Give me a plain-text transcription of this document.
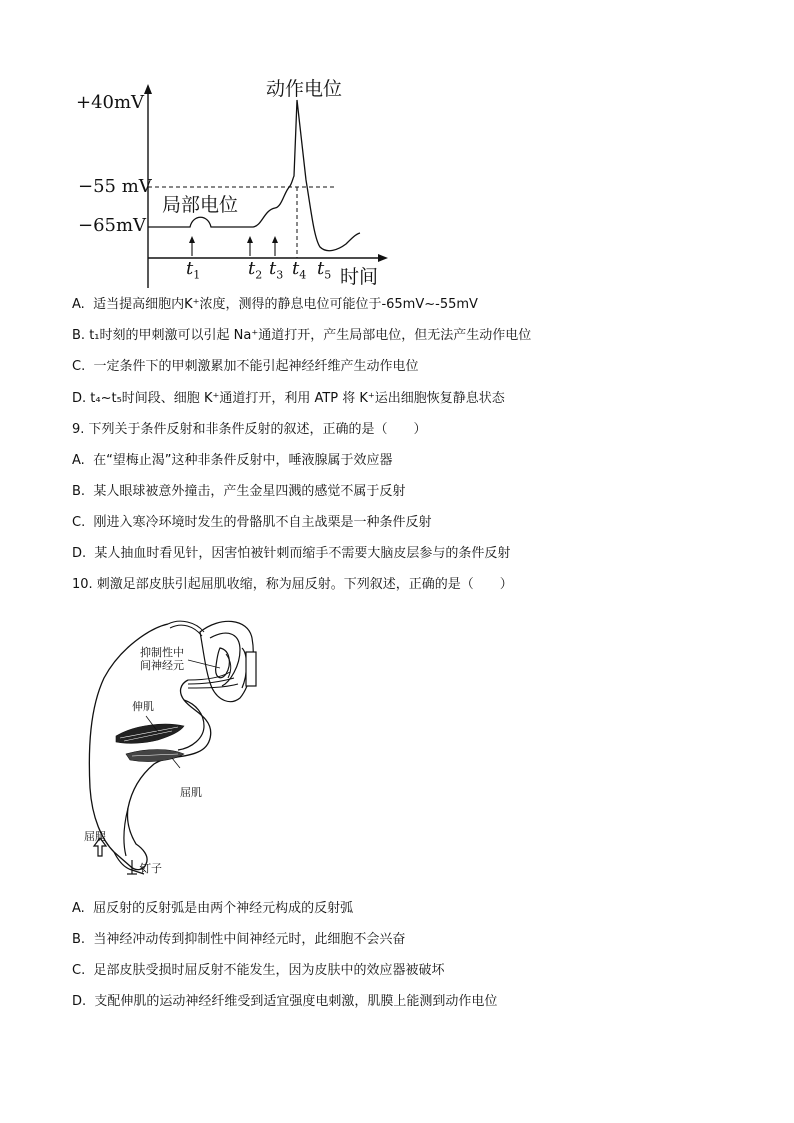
+40mV
−55 mV
−65mV
动作电位
局部电位
时间
$t_1$	$t_2$ $t_3$ $t_4$ $t_5$
A. 适当提高细胞内K⁺浓度，测得的静息电位可能位于-65mV~-55mV
B. t₁时刻的甲刺激可以引起 Na⁺通道打开，产生局部电位，但无法产生动作电位
C. 一定条件下的甲刺激累加不能引起神经纤维产生动作电位
D. t₄~t₅时间段、细胞 K⁺通道打开，利用 ATP 将 K⁺运出细胞恢复静息状态
9. 下列关于条件反射和非条件反射的叙述，正确的是（　　）
A. 在“望梅止渴”这种非条件反射中，唾液腺属于效应器
B. 某人眼球被意外撞击，产生金星四溅的感觉不属于反射
C. 刚进入寒冷环境时发生的骨骼肌不自主战栗是一种条件反射
D. 某人抽血时看见针，因害怕被针刺而缩手不需要大脑皮层参与的条件反射
10. 刺激足部皮肤引起屈肌收缩，称为屈反射。下列叙述，正确的是（　　）
抑制性中
间神经元
伸肌
屈肌
屈腿
钉子
A. 屈反射的反射弧是由两个神经元构成的反射弧
B. 当神经冲动传到抑制性中间神经元时，此细胞不会兴奋
C. 足部皮肤受损时屈反射不能发生，因为皮肤中的效应器被破坏
D. 支配伸肌的运动神经纤维受到适宜强度电刺激，肌膜上能测到动作电位
